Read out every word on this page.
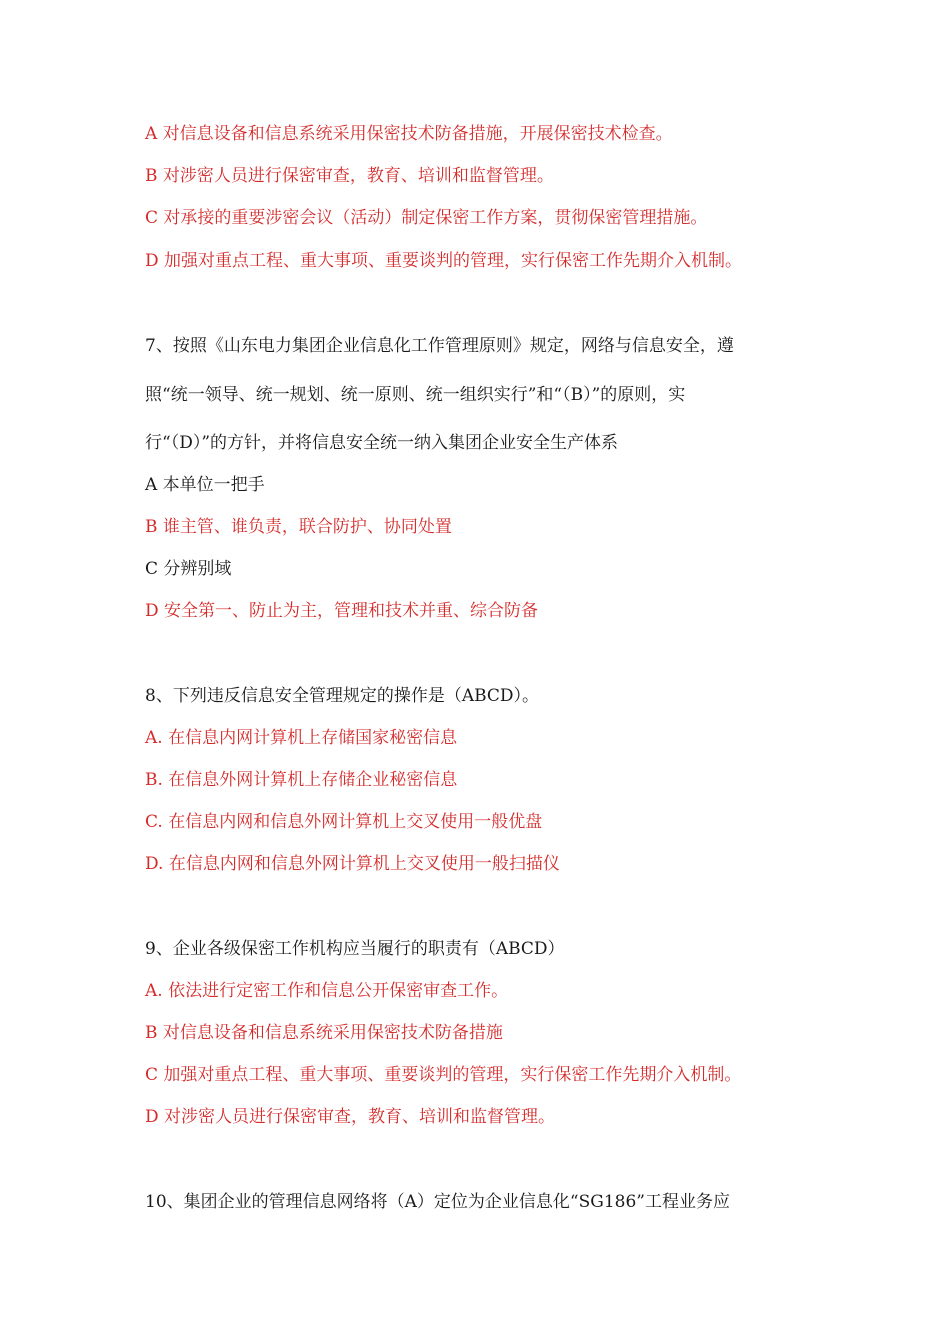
A 对信息设备和信息系统采用保密技术防备措施，开展保密技术检查。
B 对涉密人员进行保密审查，教育、培训和监督管理。
C 对承接的重要涉密会议（活动）制定保密工作方案，贯彻保密管理措施。
D 加强对重点工程、重大事项、重要谈判的管理，实行保密工作先期介入机制。
7、按照《山东电力集团企业信息化工作管理原则》规定，网络与信息安全，遵
照“统一领导、统一规划、统一原则、统一组织实行”和“（B）”的原则，实
行“（D）”的方针，并将信息安全统一纳入集团企业安全生产体系
A 本单位一把手
B 谁主管、谁负责，联合防护、协同处置
C 分辨别域
D 安全第一、防止为主，管理和技术并重、综合防备
8、下列违反信息安全管理规定的操作是（ABCD）。
A. 在信息内网计算机上存储国家秘密信息
B. 在信息外网计算机上存储企业秘密信息
C. 在信息内网和信息外网计算机上交叉使用一般优盘
D. 在信息内网和信息外网计算机上交叉使用一般扫描仪
9、企业各级保密工作机构应当履行的职责有（ABCD）
A. 依法进行定密工作和信息公开保密审查工作。
B 对信息设备和信息系统采用保密技术防备措施
C 加强对重点工程、重大事项、重要谈判的管理，实行保密工作先期介入机制。
D 对涉密人员进行保密审查，教育、培训和监督管理。
10、集团企业的管理信息网络将（A）定位为企业信息化“SG186”工程业务应
